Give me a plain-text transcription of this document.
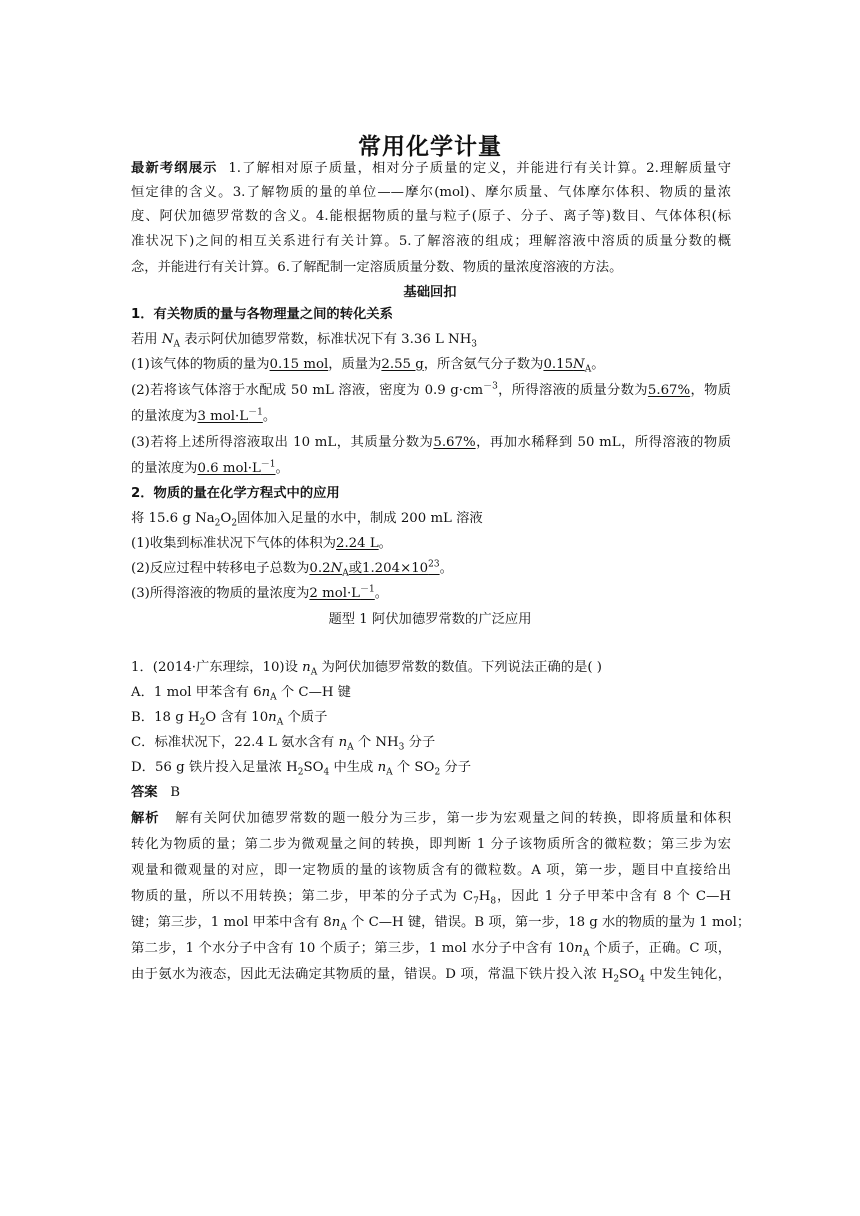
常用化学计量
最新考纲展示 1.了解相对原子质量，相对分子质量的定义，并能进行有关计算。2.理解质量守
恒定律的含义。3.了解物质的量的单位——摩尔(mol)、摩尔质量、气体摩尔体积、物质的量浓
度、阿伏加德罗常数的含义。4.能根据物质的量与粒子(原子、分子、离子等)数目、气体体积(标
准状况下)之间的相互关系进行有关计算。5.了解溶液的组成；理解溶液中溶质的质量分数的概
念，并能进行有关计算。6.了解配制一定溶质质量分数、物质的量浓度溶液的方法。
基础回扣
1．有关物质的量与各物理量之间的转化关系
若用 $N_A$ 表示阿伏加德罗常数，标准状况下有 3.36 L $NH_3$
(1)该气体的物质的量为0.15 mol，质量为2.55 g，所含氨气分子数为$0.15N_A$。
(2)若将该气体溶于水配成 50 mL 溶液，密度为 0.9 $g\cdot cm^{-3}$，所得溶液的质量分数为5.67%，物质
的量浓度为3 $mol\cdot L^{-1}$。
(3)若将上述所得溶液取出 10 mL，其质量分数为5.67%，再加水稀释到 50 mL，所得溶液的物质
的量浓度为0.6 $mol\cdot L^{-1}$。
2．物质的量在化学方程式中的应用
将 15.6 g $Na_2O_2$固体加入足量的水中，制成 200 mL 溶液
(1)收集到标准状况下气体的体积为2.24 L。
(2)反应过程中转移电子总数为$0.2N_A$或$1.204\times 10^{23}$。
(3)所得溶液的物质的量浓度为2 $mol\cdot L^{-1}$。
题型 1 阿伏加德罗常数的广泛应用
1．(2014·广东理综，10)设 $n_A$ 为阿伏加德罗常数的数值。下列说法正确的是( )
A．1 mol 甲苯含有 $6n_A$ 个 C—H 键
B．18 g $H_2O$ 含有 $10n_A$ 个质子
C．标准状况下，22.4 L 氨水含有 $n_A$ 个 $NH_3$ 分子
D．56 g 铁片投入足量浓 $H_2SO_4$ 中生成 $n_A$ 个 $SO_2$ 分子
答案 B
解析 解有关阿伏加德罗常数的题一般分为三步，第一步为宏观量之间的转换，即将质量和体积
转化为物质的量；第二步为微观量之间的转换，即判断 1 分子该物质所含的微粒数；第三步为宏
观量和微观量的对应，即一定物质的量的该物质含有的微粒数。A 项，第一步，题目中直接给出
物质的量，所以不用转换；第二步，甲苯的分子式为 $C_7H_8$，因此 1 分子甲苯中含有 8 个 C—H
键；第三步，1 mol 甲苯中含有 $8n_A$ 个 C—H 键，错误。B 项，第一步，18 g 水的物质的量为 1 mol；
第二步，1 个水分子中含有 10 个质子；第三步，1 mol 水分子中含有 $10n_A$ 个质子，正确。C 项，
由于氨水为液态，因此无法确定其物质的量，错误。D 项，常温下铁片投入浓 $H_2SO_4$ 中发生钝化，
